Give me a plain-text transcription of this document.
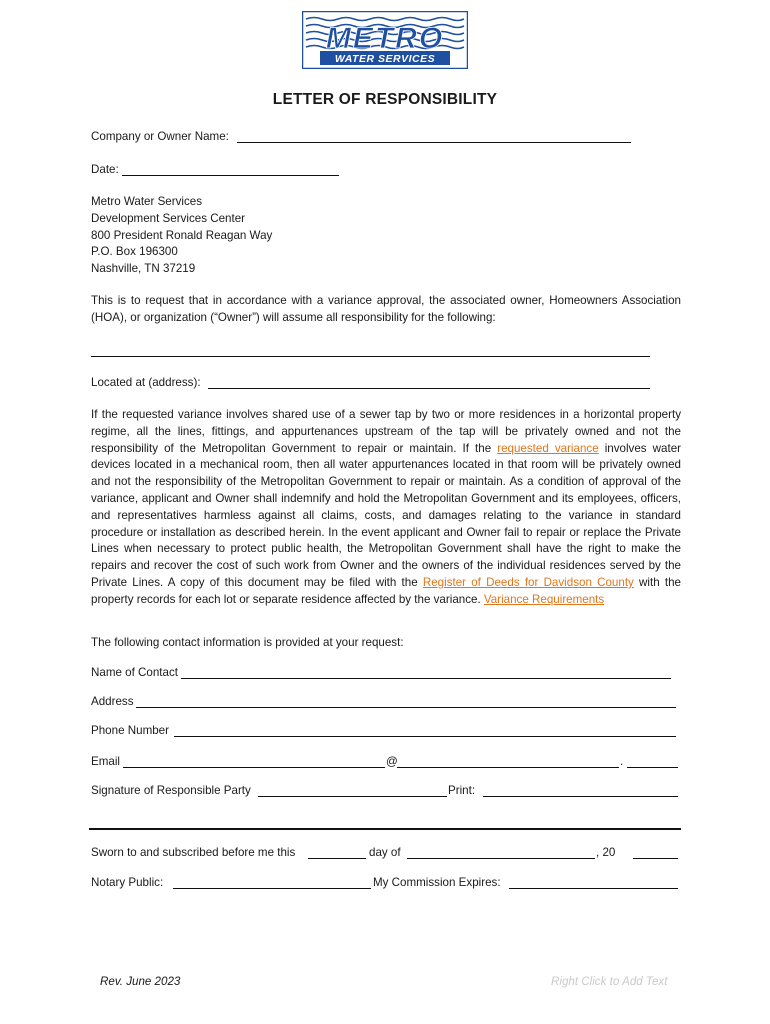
METRO
WATER SERVICES
LETTER OF RESPONSIBILITY
Company or Owner Name:
Date:
Metro Water Services
Development Services Center
800 President Ronald Reagan Way
P.O. Box 196300
Nashville, TN 37219
This is to request that in accordance with a variance approval, the associated owner, Homeowners Association (HOA), or organization (“Owner”) will assume all responsibility for the following:
Located at (address):
If the requested variance involves shared use of a sewer tap by two or more residences in a horizontal property regime, all the lines, fittings, and appurtenances upstream of the tap will be privately owned and not the responsibility of the Metropolitan Government to repair or maintain. If the requested variance involves water devices located in a mechanical room, then all water appurtenances located in that room will be privately owned and not the responsibility of the Metropolitan Government to repair or maintain. As a condition of approval of the variance, applicant and Owner shall indemnify and hold the Metropolitan Government and its employees, officers, and representatives harmless against all claims, costs, and damages relating to the variance in standard procedure or installation as described herein. In the event applicant and Owner fail to repair or replace the Private Lines when necessary to protect public health, the Metropolitan Government shall have the right to make the repairs and recover the cost of such work from Owner and the owners of the individual residences served by the Private Lines. A copy of this document may be filed with the Register of Deeds for Davidson County with the property records for each lot or separate residence affected by the variance. Variance Requirements
The following contact information is provided at your request:
Name of Contact
Address
Phone Number
Email	@	.
Signature of Responsible Party	Print:
Sworn to and subscribed before me this	day of	, 20
Notary Public:	My Commission Expires:
Rev. June 2023	Right Click to Add Text
